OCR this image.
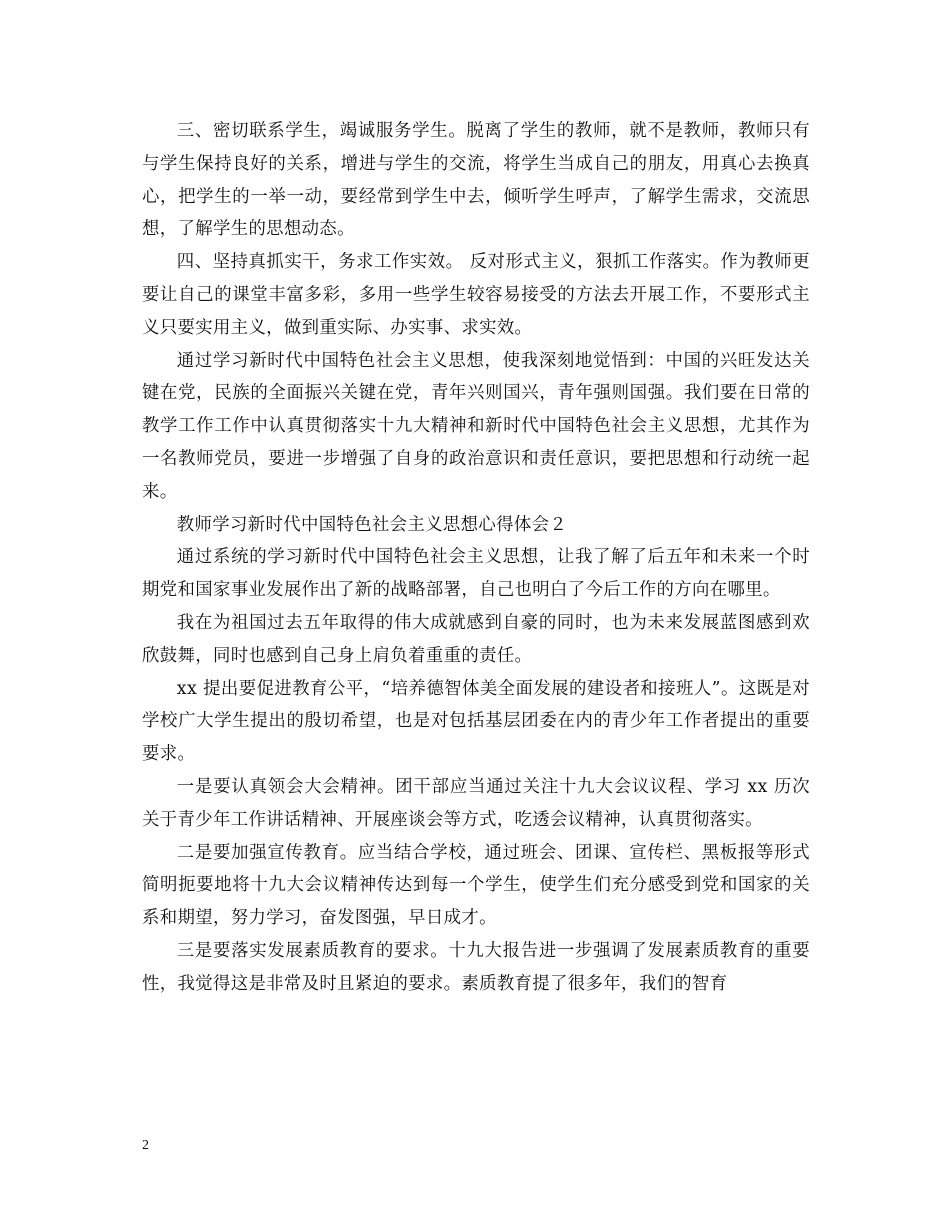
三、密切联系学生，竭诚服务学生。脱离了学生的教师，就不是教师，教师只有与学生保持良好的关系，增进与学生的交流，将学生当成自己的朋友，用真心去换真心，把学生的一举一动，要经常到学生中去，倾听学生呼声，了解学生需求，交流思想，了解学生的思想动态。

四、坚持真抓实干，务求工作实效。 反对形式主义，狠抓工作落实。作为教师更要让自己的课堂丰富多彩，多用一些学生较容易接受的方法去开展工作，不要形式主义只要实用主义，做到重实际、办实事、求实效。

通过学习新时代中国特色社会主义思想，使我深刻地觉悟到：中国的兴旺发达关键在党，民族的全面振兴关键在党，青年兴则国兴，青年强则国强。我们要在日常的教学工作工作中认真贯彻落实十九大精神和新时代中国特色社会主义思想，尤其作为一名教师党员，要进一步增强了自身的政治意识和责任意识，要把思想和行动统一起来。

教师学习新时代中国特色社会主义思想心得体会２

通过系统的学习新时代中国特色社会主义思想，让我了解了后五年和未来一个时期党和国家事业发展作出了新的战略部署，自己也明白了今后工作的方向在哪里。

我在为祖国过去五年取得的伟大成就感到自豪的同时，也为未来发展蓝图感到欢欣鼓舞，同时也感到自己身上肩负着重重的责任。

xx 提出要促进教育公平，“培养德智体美全面发展的建设者和接班人”。这既是对学校广大学生提出的殷切希望，也是对包括基层团委在内的青少年工作者提出的重要要求。

一是要认真领会大会精神。团干部应当通过关注十九大会议议程、学习 xx 历次关于青少年工作讲话精神、开展座谈会等方式，吃透会议精神，认真贯彻落实。

二是要加强宣传教育。应当结合学校，通过班会、团课、宣传栏、黑板报等形式简明扼要地将十九大会议精神传达到每一个学生，使学生们充分感受到党和国家的关系和期望，努力学习，奋发图强，早日成才。

三是要落实发展素质教育的要求。十九大报告进一步强调了发展素质教育的重要性，我觉得这是非常及时且紧迫的要求。素质教育提了很多年，我们的智育

2
